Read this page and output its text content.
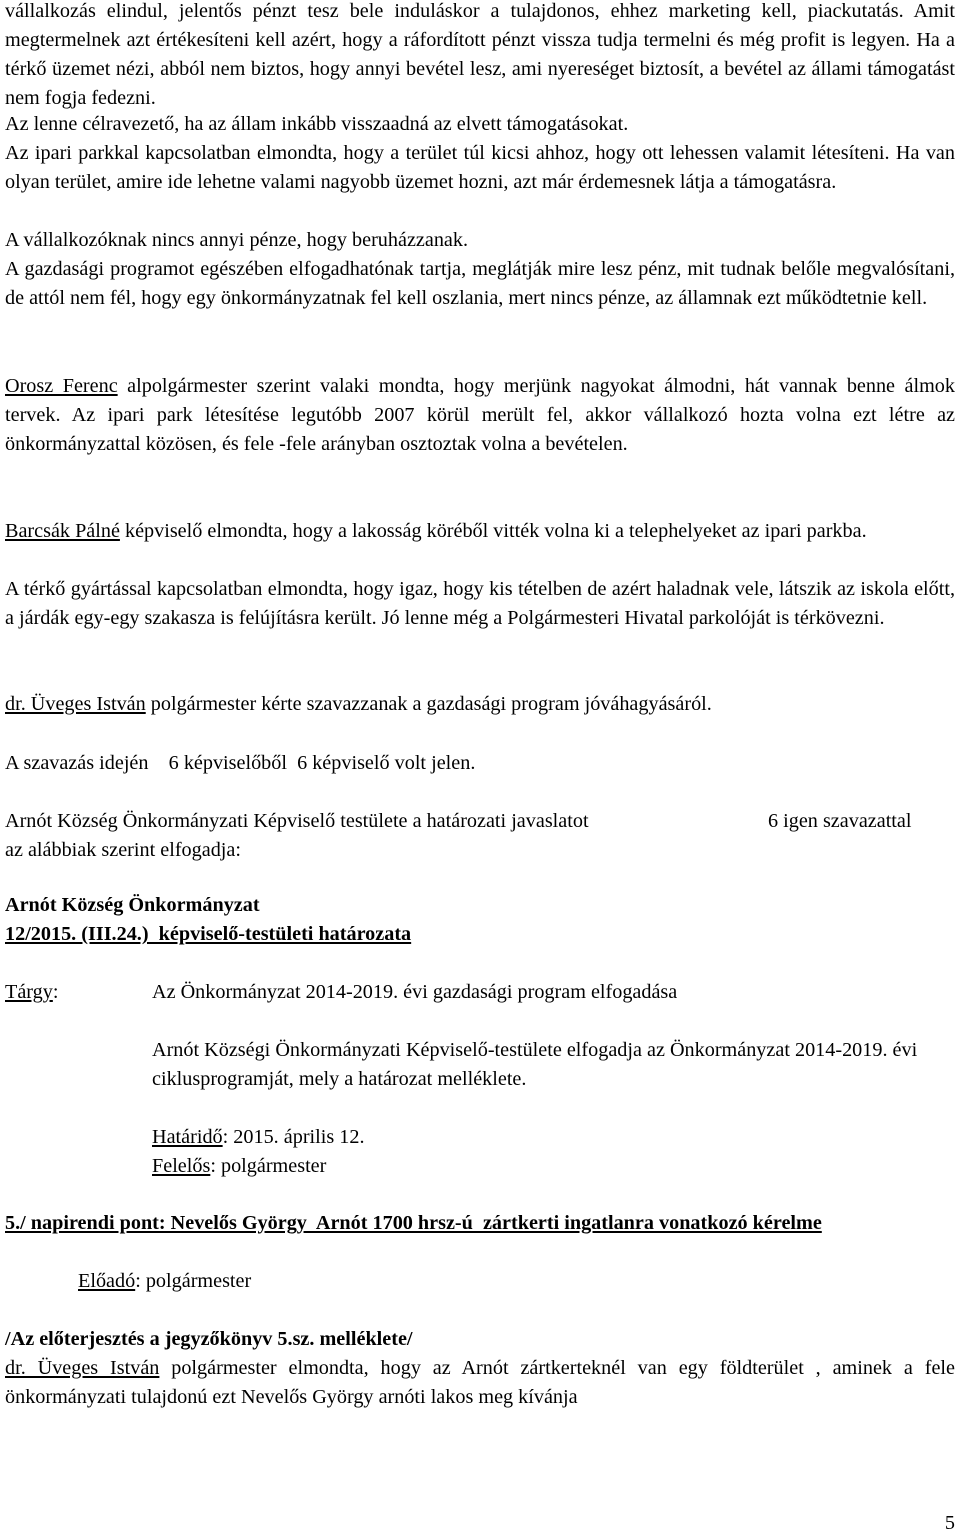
vállalkozás elindul, jelentős pénzt tesz bele induláskor a tulajdonos, ehhez marketing kell, piackutatás. Amit megtermelnek azt értékesíteni kell azért, hogy a ráfordított pénzt vissza tudja termelni és még profit is legyen. Ha a térkő üzemet nézi, abból nem biztos, hogy annyi bevétel lesz, ami nyereséget biztosít, a bevétel az állami támogatást nem fogja fedezni.

Az lenne célravezető, ha az állam inkább visszaadná az elvett támogatásokat.

Az ipari parkkal kapcsolatban elmondta, hogy a terület túl kicsi ahhoz, hogy ott lehessen valamit létesíteni. Ha van olyan terület, amire ide lehetne valami nagyobb üzemet hozni, azt már érdemesnek látja a támogatásra.

A vállalkozóknak nincs annyi pénze, hogy beruházzanak.

A gazdasági programot egészében elfogadhatónak tartja, meglátják mire lesz pénz, mit tudnak belőle megvalósítani, de attól nem fél, hogy egy önkormányzatnak fel kell oszlania, mert nincs pénze, az államnak ezt működtetnie kell.

Orosz Ferenc alpolgármester szerint valaki mondta, hogy merjünk nagyokat álmodni, hát vannak benne álmok tervek. Az ipari park létesítése legutóbb 2007 körül merült fel, akkor vállalkozó hozta volna ezt létre az önkormányzattal közösen, és fele -fele arányban osztoztak volna a bevételen.

Barcsák Pálné képviselő elmondta, hogy a lakosság köréből vitték volna ki a telephelyeket az ipari parkba.

A térkő gyártással kapcsolatban elmondta, hogy igaz, hogy kis tételben de azért haladnak vele, látszik az iskola előtt, a járdák egy-egy szakasza is felújításra került. Jó lenne még a Polgármesteri Hivatal parkolóját is térkövezni.

dr. Üveges István polgármester kérte szavazzanak a gazdasági program jóváhagyásáról.

A szavazás idején    6 képviselőből  6 képviselő volt jelen.

Arnót Község Önkormányzati Képviselő testülete a határozati javaslatot	6 igen szavazattal

az alábbiak szerint elfogadja:

Arnót Község Önkormányzat

12/2015. (III.24.)  képviselő-testületi határozata

Tárgy:	Az Önkormányzat 2014-2019. évi gazdasági program elfogadása

Arnót Községi Önkormányzati Képviselő-testülete elfogadja az Önkormányzat 2014-2019. évi ciklusprogramját, mely a határozat melléklete.

Határidő: 2015. április 12.

Felelős: polgármester

5./ napirendi pont: Nevelős György  Arnót 1700 hrsz-ú  zártkerti ingatlanra vonatkozó kérelme

Előadó: polgármester

/Az előterjesztés a jegyzőkönyv 5.sz. melléklete/

dr. Üveges István polgármester elmondta, hogy az Arnót zártkerteknél van egy földterület , aminek a fele önkormányzati tulajdonú ezt Nevelős György arnóti lakos meg kívánja

5
